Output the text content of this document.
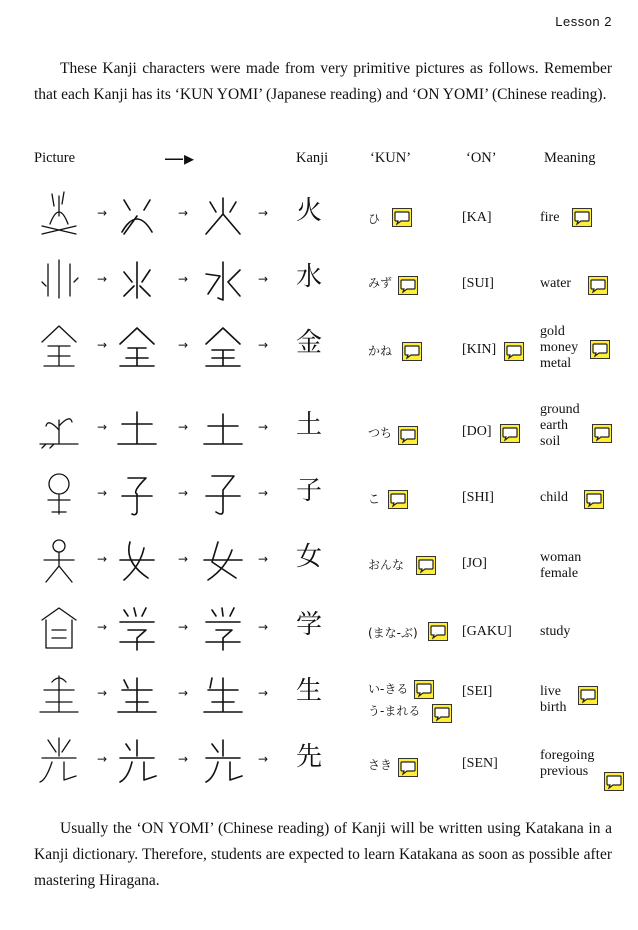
Lesson 2

These Kanji characters were made from very primitive pictures as follows. Remember that each Kanji has its ‘KUN YOMI’ (Japanese reading) and ‘ON YOMI’ (Chinese reading).

Picture	—▸	Kanji	‘KUN’	‘ON’	Meaning
→	→	→ 火	ひ	[KA]	fire
→	→	→ 水	みず	[SUI]	water
→	→	→ 金	かね	[KIN]
gold
money
metal
→	→	→ 土	つち	[DO]
ground
earth
soil
→	→	→ 子	こ	[SHI]	child
→	→	→ 女	おんな	[JO]	woman
female
→	→	→ 学	(まな-ぶ)	[GAKU] study
→	→	→ 生	い-きる
う-まれる
[SEI]	live
birth
→	→	→ 先	さき	[SEN]
foregoing
previous

Usually the ‘ON YOMI’ (Chinese reading) of Kanji will be written using Katakana in a Kanji dictionary. Therefore, students are expected to learn Katakana as soon as possible after mastering Hiragana.
